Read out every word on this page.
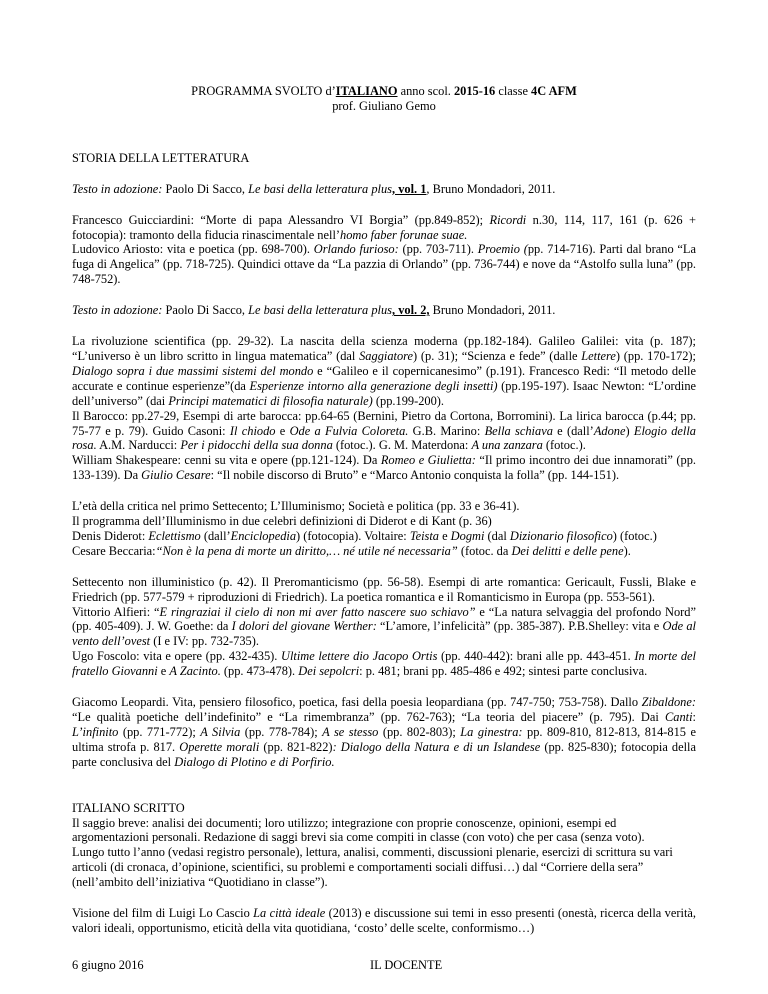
PROGRAMMA SVOLTO d’ITALIANO anno scol. 2015-16 classe 4C AFM

prof. Giuliano Gemo

STORIA DELLA LETTERATURA

Testo in adozione: Paolo Di Sacco, Le basi della letteratura plus, vol. 1, Bruno Mondadori, 2011.

Francesco Guicciardini: “Morte di papa Alessandro VI Borgia” (pp.849-852); Ricordi n.30, 114, 117, 161 (p. 626 + fotocopia): tramonto della fiducia rinascimentale nell’homo faber forunae suae.
Ludovico Ariosto: vita e poetica (pp. 698-700). Orlando furioso: (pp. 703-711). Proemio (pp. 714-716). Parti dal brano “La fuga di Angelica” (pp. 718-725). Quindici ottave da “La pazzia di Orlando” (pp. 736-744) e nove da “Astolfo sulla luna” (pp. 748-752).

Testo in adozione: Paolo Di Sacco, Le basi della letteratura plus, vol. 2, Bruno Mondadori, 2011.

La rivoluzione scientifica (pp. 29-32). La nascita della scienza moderna (pp.182-184). Galileo Galilei: vita (p. 187); “L’universo è un libro scritto in lingua matematica” (dal Saggiatore) (p. 31); “Scienza e fede” (dalle Lettere) (pp. 170-172); Dialogo sopra i due massimi sistemi del mondo e “Galileo e il copernicanesimo” (p.191). Francesco Redi: “Il metodo delle accurate e continue esperienze”(da Esperienze intorno alla generazione degli insetti) (pp.195-197). Isaac Newton: “L’ordine dell’universo” (dai Principi matematici di filosofia naturale) (pp.199-200).
Il Barocco: pp.27-29, Esempi di arte barocca: pp.64-65 (Bernini, Pietro da Cortona, Borromini). La lirica barocca (p.44; pp. 75-77 e p. 79). Guido Casoni: Il chiodo e Ode a Fulvia Coloreta. G.B. Marino: Bella schiava e (dall’Adone) Elogio della rosa. A.M. Narducci: Per i pidocchi della sua donna (fotoc.). G. M. Materdona: A una zanzara (fotoc.).
William Shakespeare: cenni su vita e opere (pp.121-124). Da Romeo e Giulietta: “Il primo incontro dei due innamorati” (pp. 133-139). Da Giulio Cesare: “Il nobile discorso di Bruto” e “Marco Antonio conquista la folla” (pp. 144-151).

L’età della critica nel primo Settecento; L’Illuminismo; Società e politica (pp. 33 e 36-41).
Il programma dell’Illuminismo in due celebri definizioni di Diderot e di Kant (p. 36)
Denis Diderot: Eclettismo (dall’Enciclopedia) (fotocopia). Voltaire: Teista e Dogmi (dal Dizionario filosofico) (fotoc.)
Cesare Beccaria:“Non è la pena di morte un diritto,… né utile né necessaria” (fotoc. da Dei delitti e delle pene).

Settecento non illuministico (p. 42). Il Preromanticismo (pp. 56-58). Esempi di arte romantica: Gericault, Fussli, Blake e Friedrich (pp. 577-579 + riproduzioni di Friedrich). La poetica romantica e il Romanticismo in Europa (pp. 553-561).
Vittorio Alfieri: “E ringraziai il cielo di non mi aver fatto nascere suo schiavo” e “La natura selvaggia del profondo Nord” (pp. 405-409). J. W. Goethe: da I dolori del giovane Werther: “L’amore, l’infelicità” (pp. 385-387). P.B.Shelley: vita e Ode al vento dell’ovest (I e IV: pp. 732-735).
Ugo Foscolo: vita e opere (pp. 432-435). Ultime lettere dio Jacopo Ortis (pp. 440-442): brani alle pp. 443-451. In morte del fratello Giovanni e A Zacinto. (pp. 473-478). Dei sepolcri: p. 481; brani pp. 485-486 e 492; sintesi parte conclusiva.

Giacomo Leopardi. Vita, pensiero filosofico, poetica, fasi della poesia leopardiana (pp. 747-750; 753-758). Dallo Zibaldone: “Le qualità poetiche dell’indefinito” e “La rimembranza” (pp. 762-763); “La teoria del piacere” (p. 795). Dai Canti: L’infinito (pp. 771-772); A Silvia (pp. 778-784); A se stesso (pp. 802-803); La ginestra: pp. 809-810, 812-813, 814-815 e ultima strofa p. 817. Operette morali (pp. 821-822): Dialogo della Natura e di un Islandese (pp. 825-830); fotocopia della parte conclusiva del Dialogo di Plotino e di Porfirio.

ITALIANO SCRITTO

Il saggio breve: analisi dei documenti; loro utilizzo; integrazione con proprie conoscenze, opinioni, esempi ed argomentazioni personali. Redazione di saggi brevi sia come compiti in classe (con voto) che per casa (senza voto).
Lungo tutto l’anno (vedasi registro personale), lettura, analisi, commenti, discussioni plenarie, esercizi di scrittura su vari articoli (di cronaca, d’opinione, scientifici, su problemi e comportamenti sociali diffusi…) dal “Corriere della sera” (nell’ambito dell’iniziativa “Quotidiano in classe”).

Visione del film di Luigi Lo Cascio La città ideale (2013) e discussione sui temi in esso presenti (onestà, ricerca della verità, valori ideali, opportunismo, eticità della vita quotidiana, ‘costo’ delle scelte, conformismo…)

6 giugno 2016	IL DOCENTE
